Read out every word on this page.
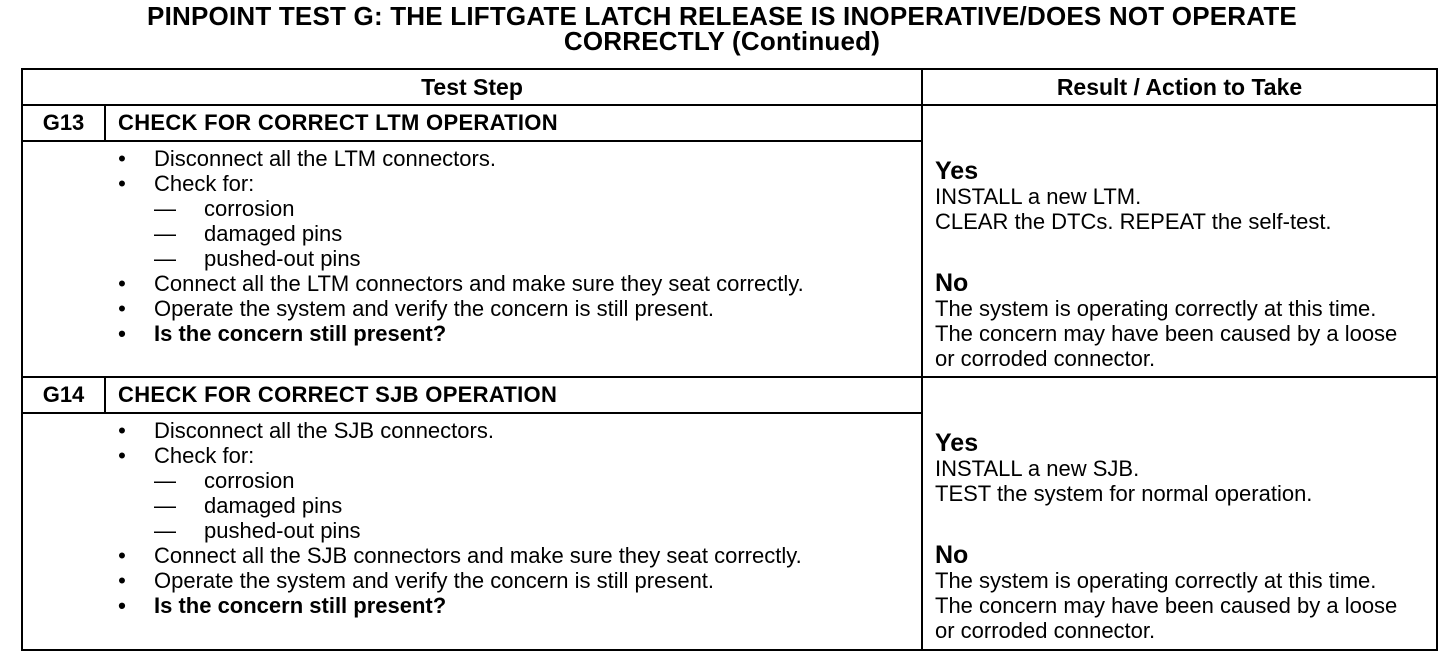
PINPOINT TEST G: THE LIFTGATE LATCH RELEASE IS INOPERATIVE/DOES NOT OPERATE
CORRECTLY (Continued)
Test Step	Result / Action to Take
G13	CHECK FOR CORRECT LTM OPERATION
• Disconnect all the LTM connectors.
• Check for:
—	corrosion
—	damaged pins
—	pushed-out pins
• Connect all the LTM connectors and make sure they seat correctly.
• Operate the system and verify the concern is still present.
• Is the concern still present?
Yes
INSTALL a new LTM.
CLEAR the DTCs. REPEAT the self-test.
No
The system is operating correctly at this time. The concern may have been caused by a loose or corroded connector.
G14	CHECK FOR CORRECT SJB OPERATION
• Disconnect all the SJB connectors.
• Check for:
—	corrosion
—	damaged pins
—	pushed-out pins
• Connect all the SJB connectors and make sure they seat correctly.
• Operate the system and verify the concern is still present.
• Is the concern still present?
Yes
INSTALL a new SJB.
TEST the system for normal operation.
No
The system is operating correctly at this time. The concern may have been caused by a loose or corroded connector.
